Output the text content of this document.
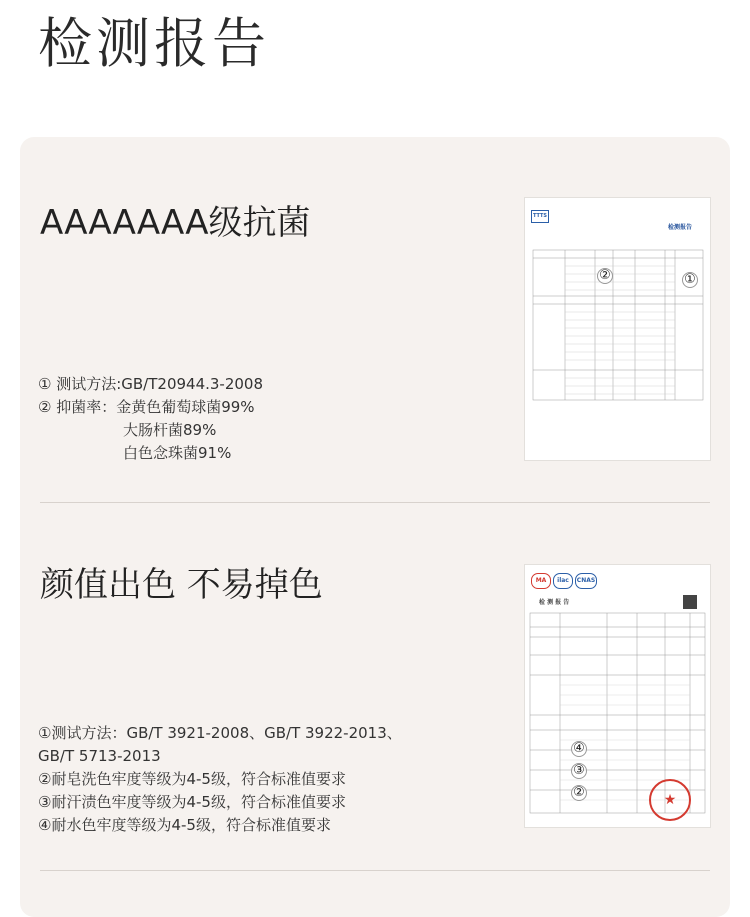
检测报告
AAAAAAA级抗菌
① 测试方法:GB/T20944.3-2008
② 抑菌率：金黄色葡萄球菌99%
大肠杆菌89%
白色念珠菌91%
TTTS
检测报告
②	①
颜值出色 不易掉色
①测试方法：GB/T 3921-2008、GB/T 3922-2013、
GB/T 5713-2013
②耐皂洗色牢度等级为4-5级，符合标准值要求
③耐汗渍色牢度等级为4-5级，符合标准值要求
④耐水色牢度等级为4-5级，符合标准值要求
MA	ilac	CNAS
检 测 报 告
④
③
②	★
